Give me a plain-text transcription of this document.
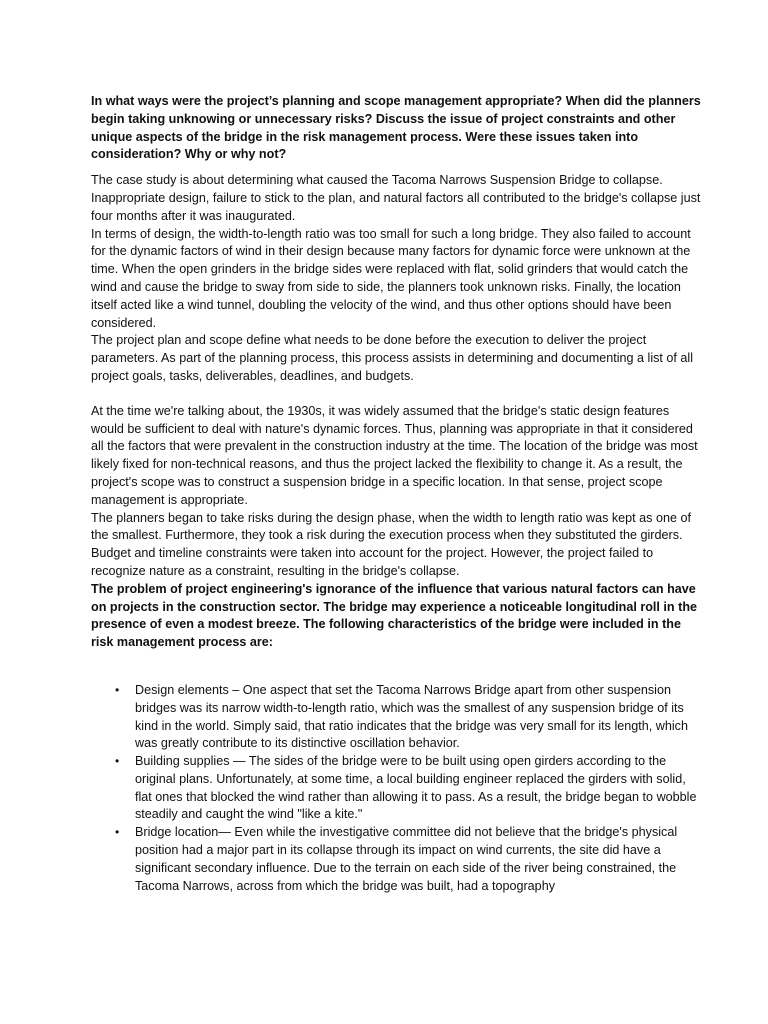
In what ways were the project’s planning and scope management appropriate? When did the planners begin taking unknowing or unnecessary risks? Discuss the issue of project constraints and other unique aspects of the bridge in the risk management process. Were these issues taken into consideration? Why or why not?

The case study is about determining what caused the Tacoma Narrows Suspension Bridge to collapse. Inappropriate design, failure to stick to the plan, and natural factors all contributed to the bridge's collapse just four months after it was inaugurated.

In terms of design, the width-to-length ratio was too small for such a long bridge. They also failed to account for the dynamic factors of wind in their design because many factors for dynamic force were unknown at the time. When the open grinders in the bridge sides were replaced with flat, solid grinders that would catch the wind and cause the bridge to sway from side to side, the planners took unknown risks. Finally, the location itself acted like a wind tunnel, doubling the velocity of the wind, and thus other options should have been considered.

The project plan and scope define what needs to be done before the execution to deliver the project parameters. As part of the planning process, this process assists in determining and documenting a list of all project goals, tasks, deliverables, deadlines, and budgets.

At the time we're talking about, the 1930s, it was widely assumed that the bridge's static design features would be sufficient to deal with nature's dynamic forces. Thus, planning was appropriate in that it considered all the factors that were prevalent in the construction industry at the time. The location of the bridge was most likely fixed for non-technical reasons, and thus the project lacked the flexibility to change it. As a result, the project's scope was to construct a suspension bridge in a specific location. In that sense, project scope management is appropriate.

The planners began to take risks during the design phase, when the width to length ratio was kept as one of the smallest. Furthermore, they took a risk during the execution process when they substituted the girders. Budget and timeline constraints were taken into account for the project. However, the project failed to recognize nature as a constraint, resulting in the bridge's collapse.

The problem of project engineering's ignorance of the influence that various natural factors can have on projects in the construction sector. The bridge may experience a noticeable longitudinal roll in the presence of even a modest breeze. The following characteristics of the bridge were included in the risk management process are:

• Design elements – One aspect that set the Tacoma Narrows Bridge apart from other suspension bridges was its narrow width-to-length ratio, which was the smallest of any suspension bridge of its kind in the world. Simply said, that ratio indicates that the bridge was very small for its length, which was greatly contribute to its distinctive oscillation behavior.
• Building supplies — The sides of the bridge were to be built using open girders according to the original plans. Unfortunately, at some time, a local building engineer replaced the girders with solid, flat ones that blocked the wind rather than allowing it to pass. As a result, the bridge began to wobble steadily and caught the wind "like a kite."
• Bridge location— Even while the investigative committee did not believe that the bridge's physical position had a major part in its collapse through its impact on wind currents, the site did have a significant secondary influence. Due to the terrain on each side of the river being constrained, the Tacoma Narrows, across from which the bridge was built, had a topography
